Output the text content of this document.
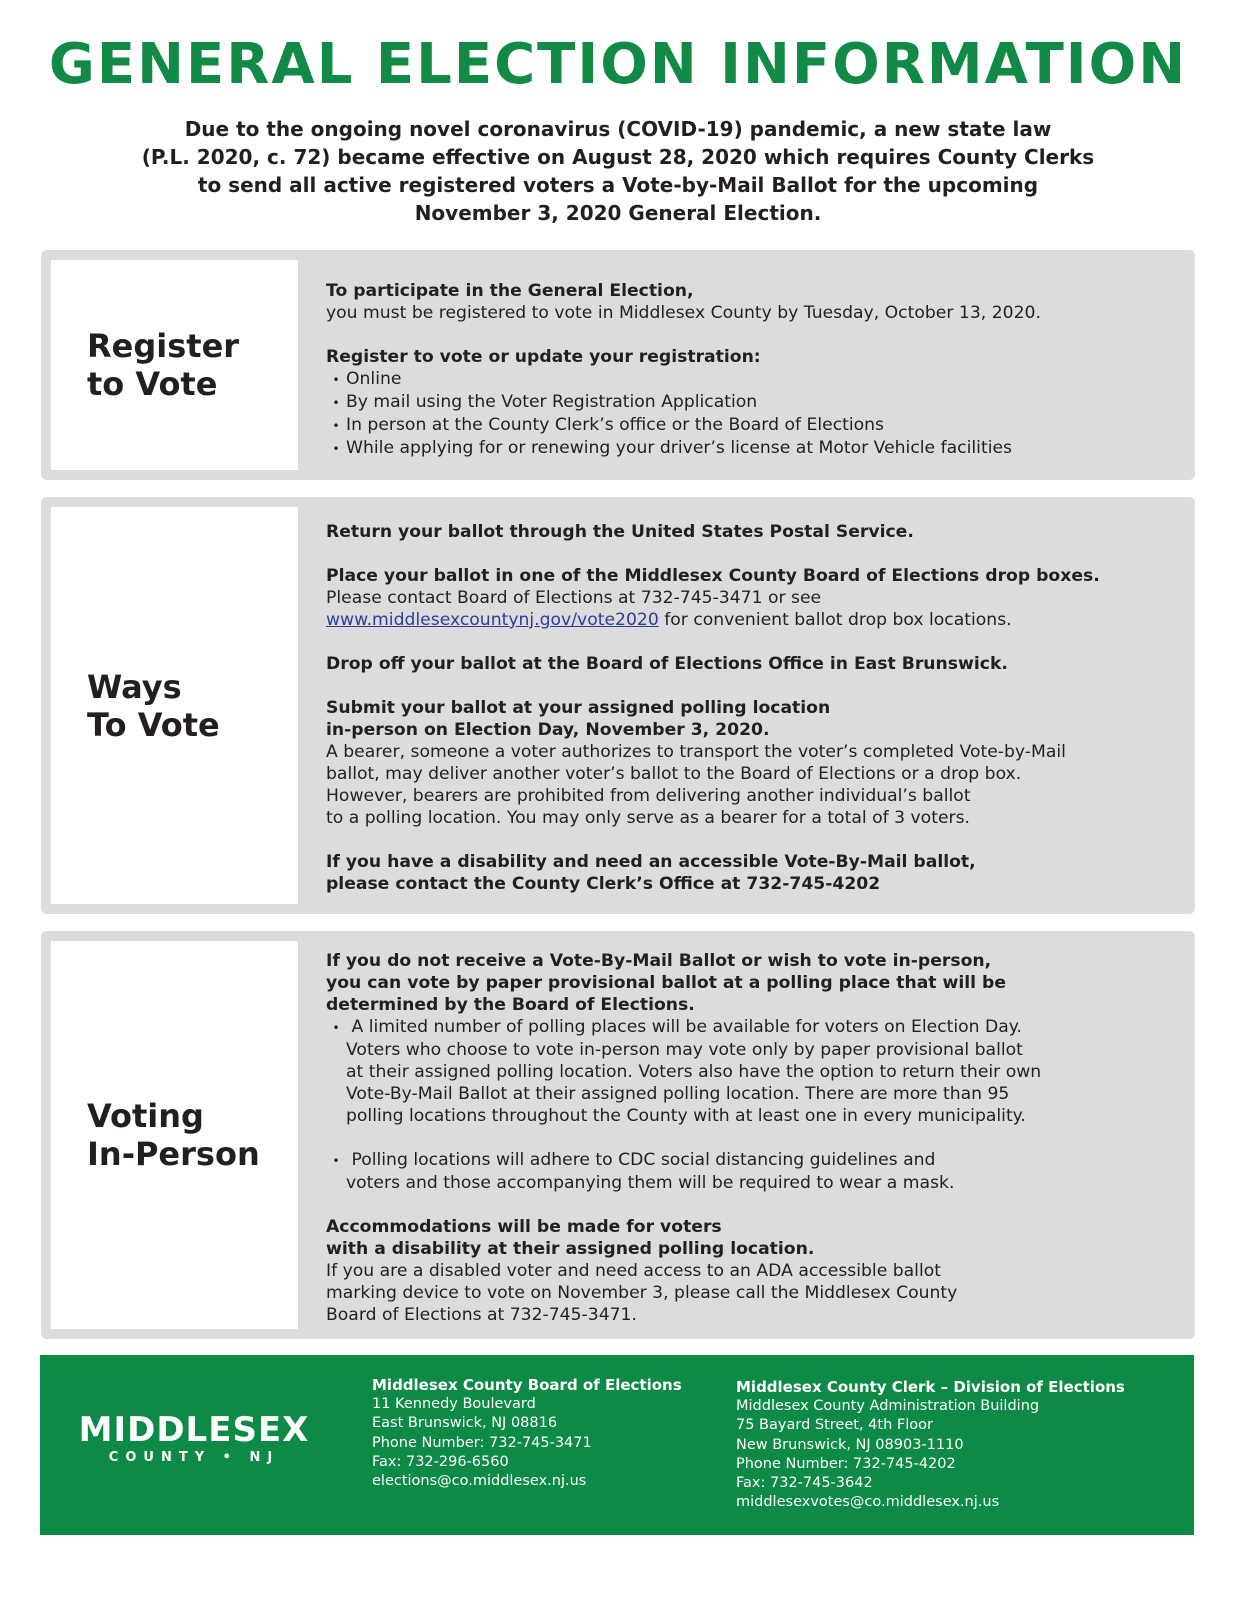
GENERAL ELECTION INFORMATION
Due to the ongoing novel coronavirus (COVID-19) pandemic, a new state law
(P.L. 2020, c. 72) became effective on August 28, 2020 which requires County Clerks
to send all active registered voters a Vote-by-Mail Ballot for the upcoming
November 3, 2020 General Election.
Register
to Vote
To participate in the General Election,
you must be registered to vote in Middlesex County by Tuesday, October 13, 2020.
Register to vote or update your registration:
• Online
• By mail using the Voter Registration Application
• In person at the County Clerk’s office or the Board of Elections
• While applying for or renewing your driver’s license at Motor Vehicle facilities
Ways
To Vote
Return your ballot through the United States Postal Service.
Place your ballot in one of the Middlesex County Board of Elections drop boxes.
Please contact Board of Elections at 732-745-3471 or see
www.middlesexcountynj.gov/vote2020 for convenient ballot drop box locations.
Drop off your ballot at the Board of Elections Office in East Brunswick.
Submit your ballot at your assigned polling location
in-person on Election Day, November 3, 2020.
A bearer, someone a voter authorizes to transport the voter’s completed Vote-by-Mail
ballot, may deliver another voter’s ballot to the Board of Elections or a drop box.
However, bearers are prohibited from delivering another individual’s ballot
to a polling location. You may only serve as a bearer for a total of 3 voters.
If you have a disability and need an accessible Vote-By-Mail ballot,
please contact the County Clerk’s Office at 732-745-4202
Voting
In-Person
If you do not receive a Vote-By-Mail Ballot or wish to vote in-person,
you can vote by paper provisional ballot at a polling place that will be
determined by the Board of Elections.
• A limited number of polling places will be available for voters on Election Day.
Voters who choose to vote in-person may vote only by paper provisional ballot
at their assigned polling location. Voters also have the option to return their own
Vote-By-Mail Ballot at their assigned polling location. There are more than 95
polling locations throughout the County with at least one in every municipality.
• Polling locations will adhere to CDC social distancing guidelines and
voters and those accompanying them will be required to wear a mask.
Accommodations will be made for voters
with a disability at their assigned polling location.
If you are a disabled voter and need access to an ADA accessible ballot
marking device to vote on November 3, please call the Middlesex County
Board of Elections at 732-745-3471.
MIDDLESEX
COUNTY • NJ
Middlesex County Board of Elections
11 Kennedy Boulevard
East Brunswick, NJ 08816
Phone Number: 732-745-3471
Fax: 732-296-6560
elections@co.middlesex.nj.us
Middlesex County Clerk – Division of Elections
Middlesex County Administration Building
75 Bayard Street, 4th Floor
New Brunswick, NJ 08903-1110
Phone Number: 732-745-4202
Fax: 732-745-3642
middlesexvotes@co.middlesex.nj.us
